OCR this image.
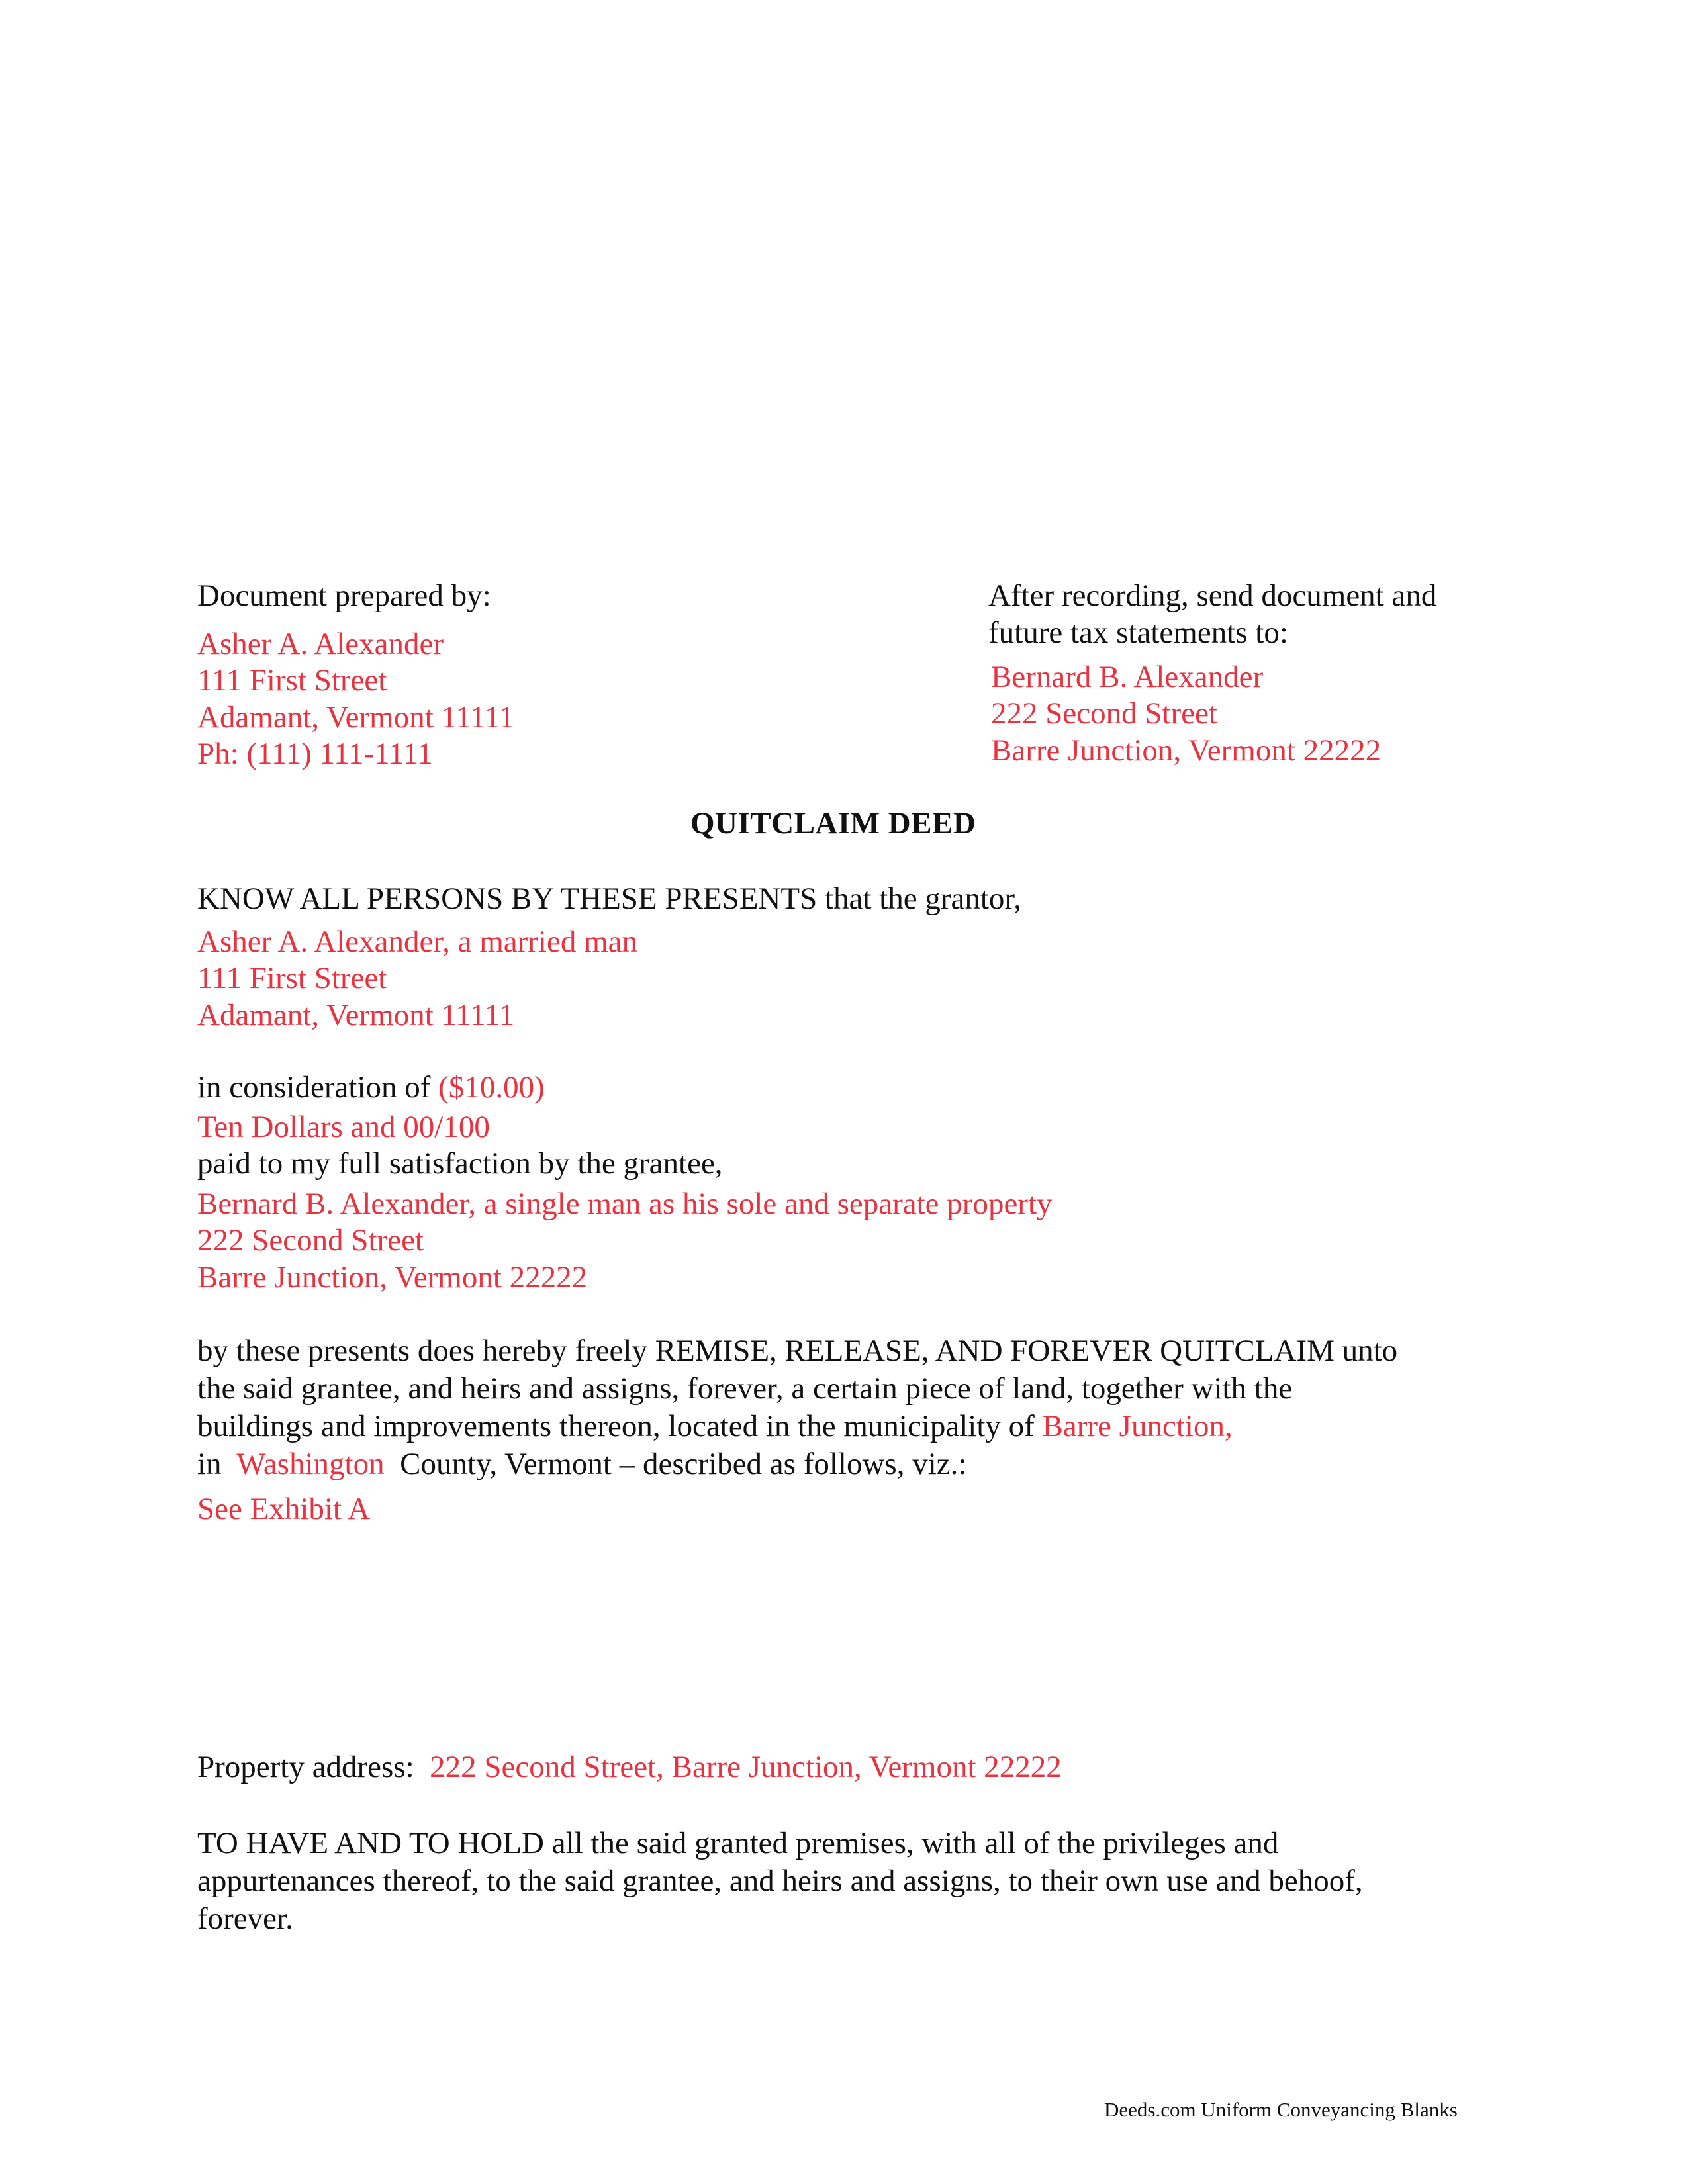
Document prepared by:
Asher A. Alexander
111 First Street
Adamant, Vermont 11111
Ph: (111) 111-1111
After recording, send document and
future tax statements to:
Bernard B. Alexander
222 Second Street
Barre Junction, Vermont 22222
QUITCLAIM DEED
KNOW ALL PERSONS BY THESE PRESENTS that the grantor,
Asher A. Alexander, a married man
111 First Street
Adamant, Vermont 11111
in consideration of ($10.00)
Ten Dollars and 00/100
paid to my full satisfaction by the grantee,
Bernard B. Alexander, a single man as his sole and separate property
222 Second Street
Barre Junction, Vermont 22222
by these presents does hereby freely REMISE, RELEASE, AND FOREVER QUITCLAIM unto
the said grantee, and heirs and assigns, forever, a certain piece of land, together with the
buildings and improvements thereon, located in the municipality of Barre Junction,
in Washington County, Vermont – described as follows, viz.:
See Exhibit A
Property address: 222 Second Street, Barre Junction, Vermont 22222
TO HAVE AND TO HOLD all the said granted premises, with all of the privileges and
appurtenances thereof, to the said grantee, and heirs and assigns, to their own use and behoof,
forever.
Deeds.com Uniform Conveyancing Blanks
